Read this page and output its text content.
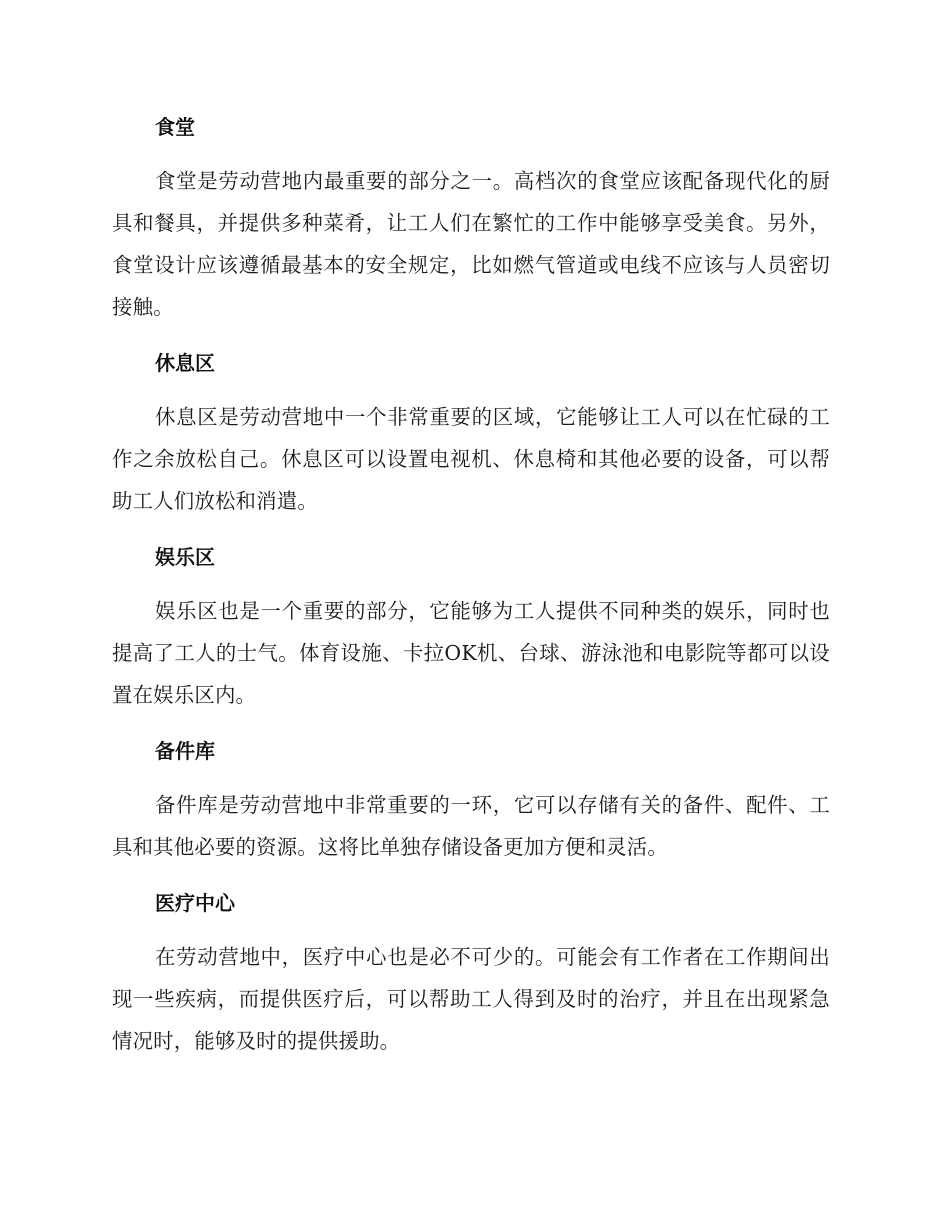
食堂

食堂是劳动营地内最重要的部分之一。高档次的食堂应该配备现代化的厨具和餐具，并提供多种菜肴，让工人们在繁忙的工作中能够享受美食。另外，食堂设计应该遵循最基本的安全规定，比如燃气管道或电线不应该与人员密切接触。

休息区

休息区是劳动营地中一个非常重要的区域，它能够让工人可以在忙碌的工作之余放松自己。休息区可以设置电视机、休息椅和其他必要的设备，可以帮助工人们放松和消遣。

娱乐区

娱乐区也是一个重要的部分，它能够为工人提供不同种类的娱乐，同时也提高了工人的士气。体育设施、卡拉OK机、台球、游泳池和电影院等都可以设置在娱乐区内。

备件库

备件库是劳动营地中非常重要的一环，它可以存储有关的备件、配件、工具和其他必要的资源。这将比单独存储设备更加方便和灵活。

医疗中心

在劳动营地中，医疗中心也是必不可少的。可能会有工作者在工作期间出现一些疾病，而提供医疗后，可以帮助工人得到及时的治疗，并且在出现紧急情况时，能够及时的提供援助。
